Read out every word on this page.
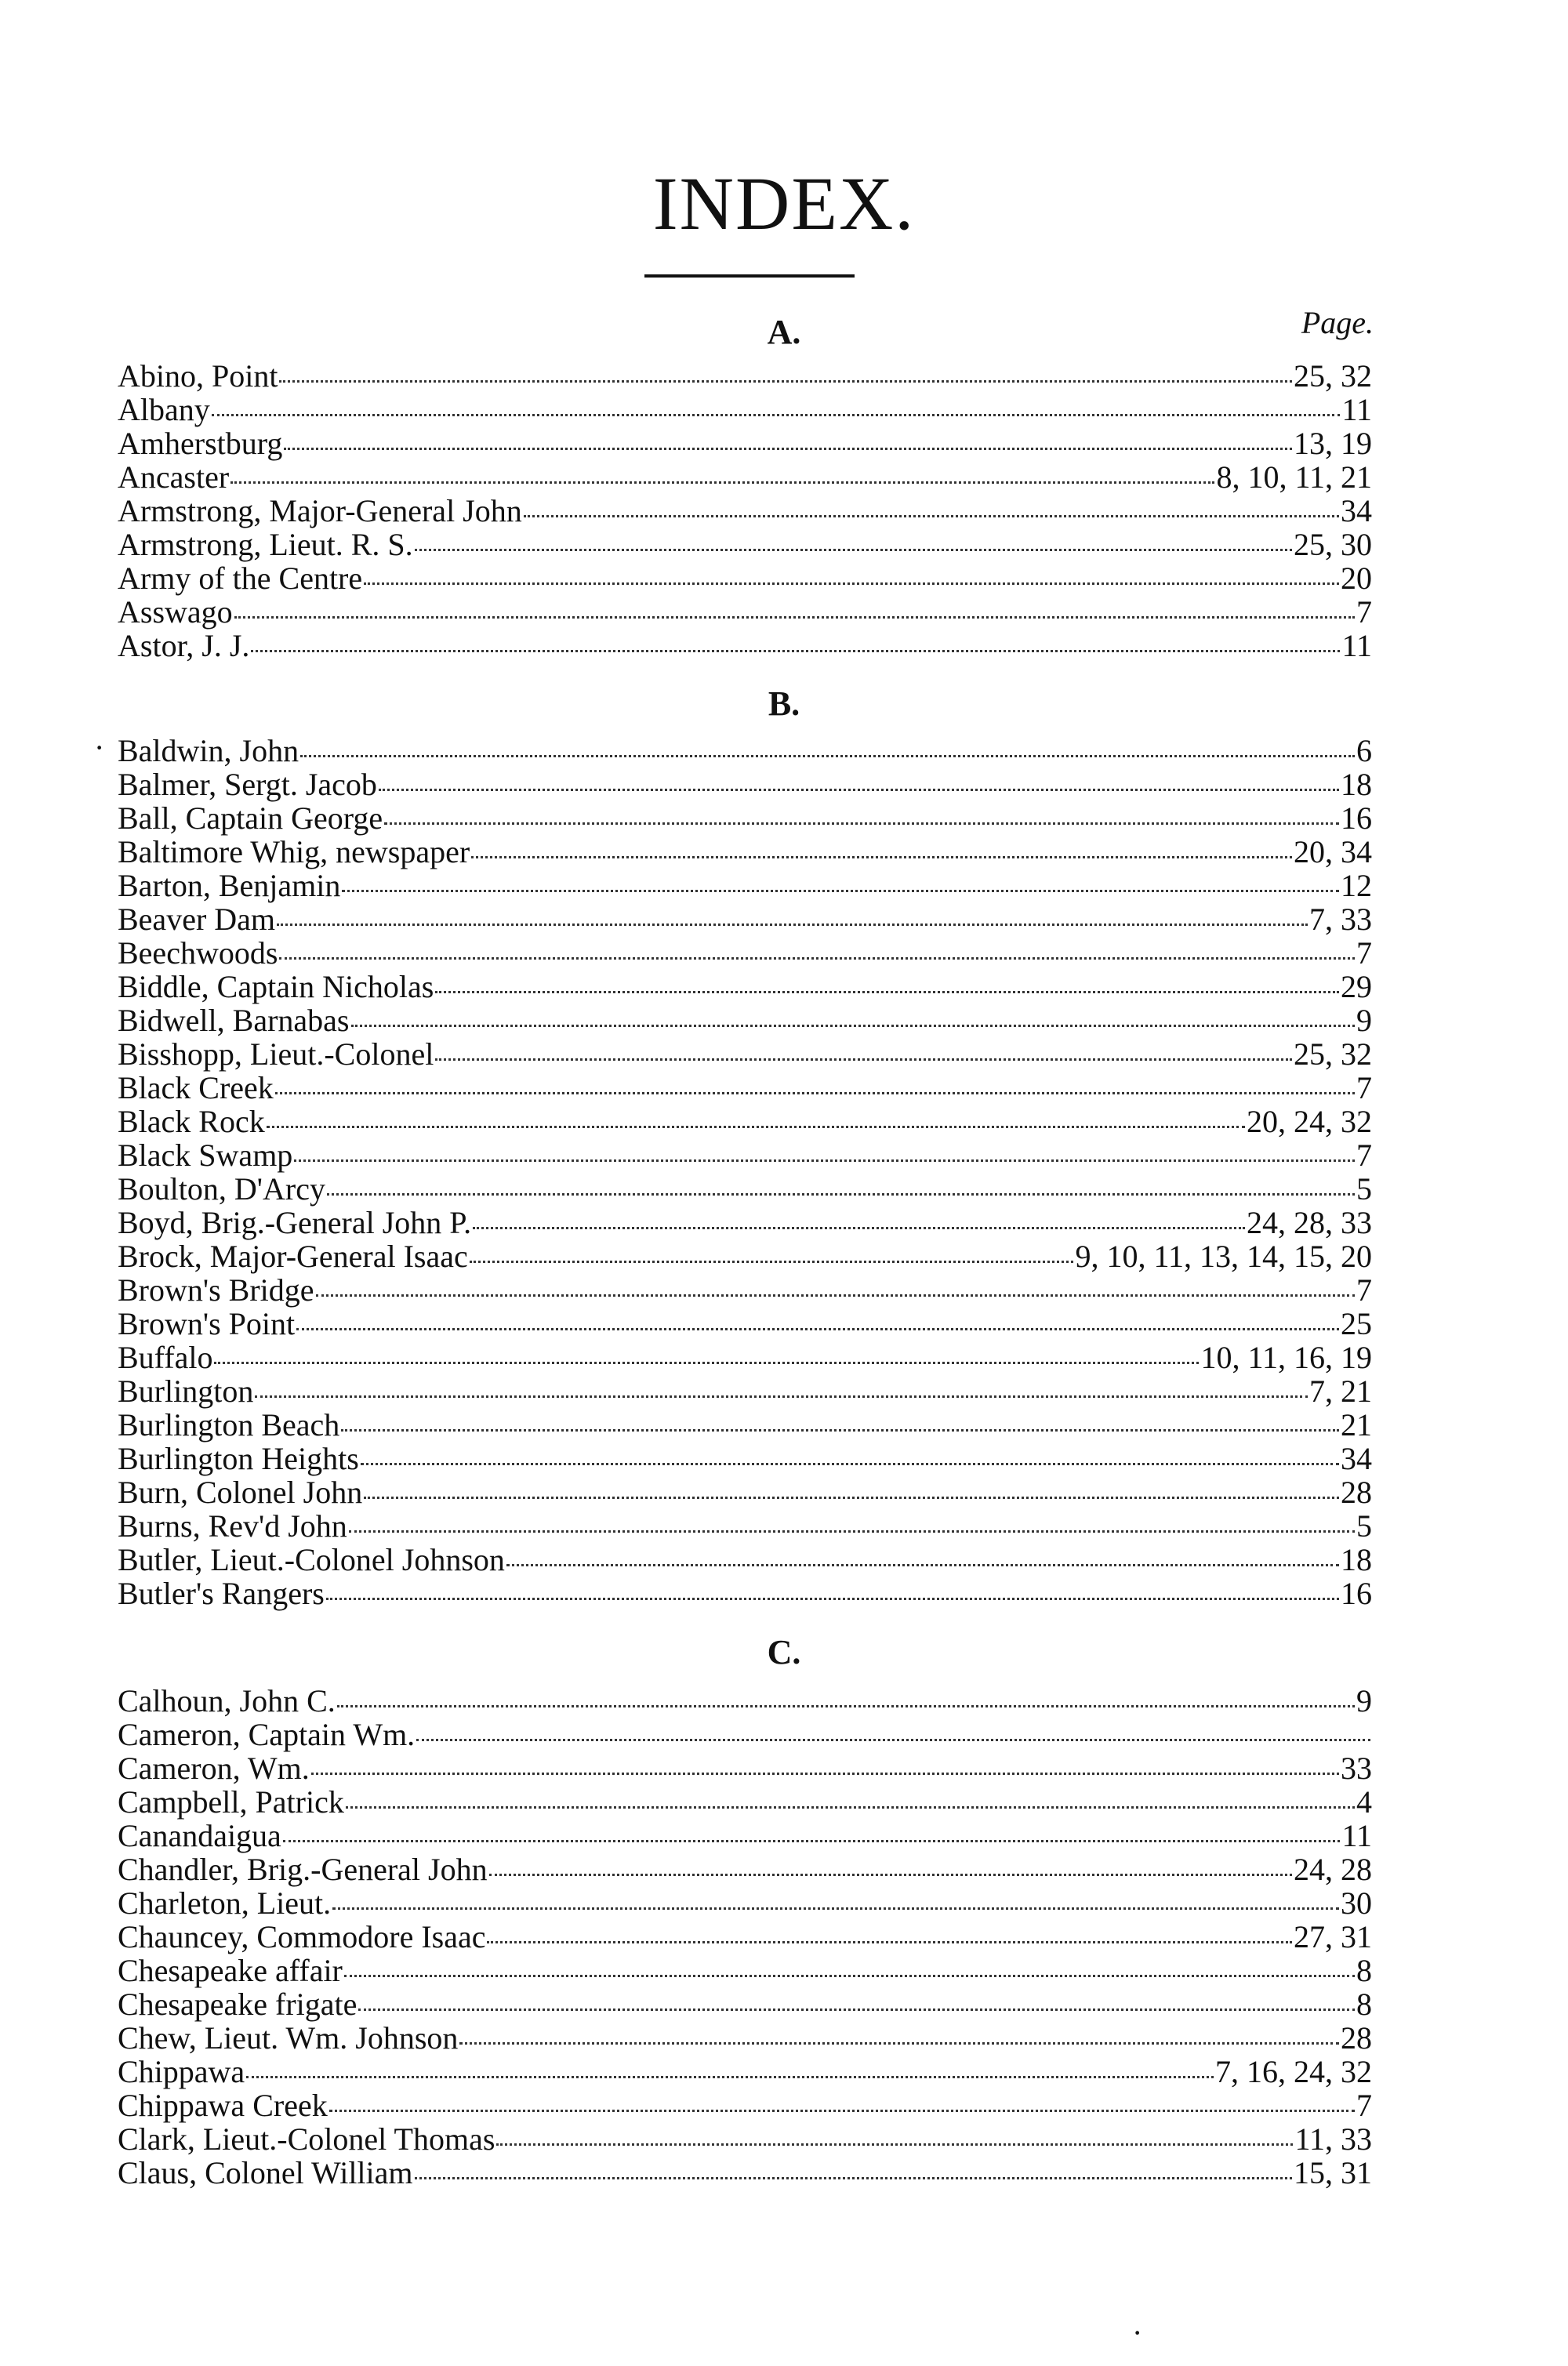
INDEX.
A.	Page.
Abino, Point	25, 32
Albany	11
Amherstburg	13, 19
Ancaster	8, 10, 11, 21
Armstrong, Major-General John	34
Armstrong, Lieut. R. S.	25, 30
Army of the Centre	20
Asswago	7
Astor, J. J.	11
B.
Baldwin, John	6
Balmer, Sergt. Jacob	18
Ball, Captain George	16
Baltimore Whig, newspaper	20, 34
Barton, Benjamin	12
Beaver Dam	7, 33
Beechwoods	7
Biddle, Captain Nicholas	29
Bidwell, Barnabas	9
Bisshopp, Lieut.-Colonel	25, 32
Black Creek	7
Black Rock	20, 24, 32
Black Swamp	7
Boulton, D'Arcy	5
Boyd, Brig.-General John P.	24, 28, 33
Brock, Major-General Isaac	9, 10, 11, 13, 14, 15, 20
Brown's Bridge	7
Brown's Point	25
Buffalo	10, 11, 16, 19
Burlington	7, 21
Burlington Beach	21
Burlington Heights	34
Burn, Colonel John	28
Burns, Rev'd John	5
Butler, Lieut.-Colonel Johnson	18
Butler's Rangers	16
C.
Calhoun, John C.	9
Cameron, Captain Wm.
Cameron, Wm.	33
Campbell, Patrick	4
Canandaigua	11
Chandler, Brig.-General John	24, 28
Charleton, Lieut.	30
Chauncey, Commodore Isaac	27, 31
Chesapeake affair	8
Chesapeake frigate	8
Chew, Lieut. Wm. Johnson	28
Chippawa	7, 16, 24, 32
Chippawa Creek	7
Clark, Lieut.-Colonel Thomas	11, 33
Claus, Colonel William	15, 31
·
·
